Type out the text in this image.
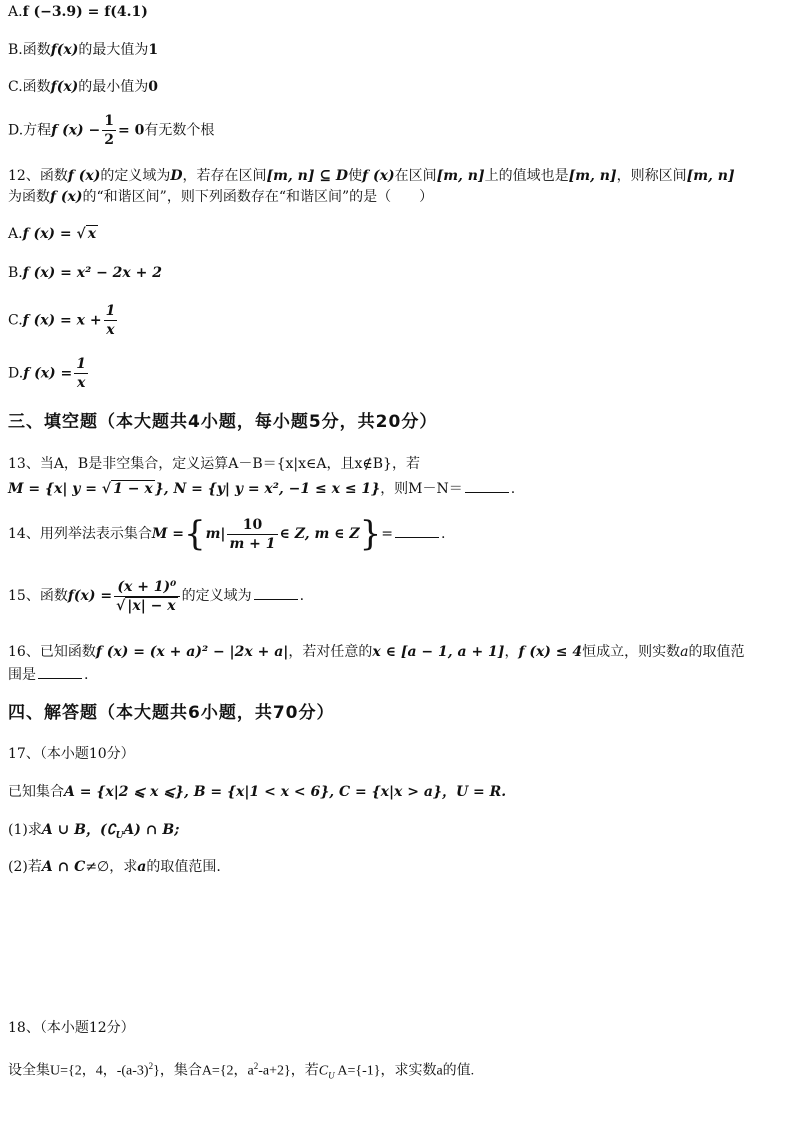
A.f (−3.9) = f(4.1)
B.函数f(x)的最大值为1
C.函数f(x)的最小值为0
D.方程f $(x) - \frac{1}{2} = 0$有无数个根
12、函数f (x)的定义域为D，若存在区间[m, n] ⊆ D使f (x)在区间[m, n]上的值域也是[m, n]，则称区间[m, n]
为函数f (x)的“和谐区间”，则下列函数存在“和谐区间”的是（　　）
A.f (x) = √ x
B.f (x) = x² − 2x + 2
C.f $(x) = x + \frac{1}{x}$
D.f $(x) = \frac{1}{x}$
三、填空题（本大题共4小题，每小题5分，共20分）
13、当A，B是非空集合，定义运算A－B＝{x|x∈A，且x∉B}，若
M = {x| y = √ 1 − x }, N = {y| y = x², −1 ≤ x ≤ 1}，则M－N＝	.
14、用列举法表示集合$M =\{m| \frac{10}{m + 1}$ ∈ Z, m ∈ Z}=	.
15、函数$f(x) = \frac{\text{(x + 1)⁰}}{√ |x| - x}$ 的定义域为	.
16、已知函数f (x) = (x + a)² − |2x + a|，若对任意的x ∈ [a − 1, a + 1]，f (x) ≤ 4恒成立，则实数a的取值范
围是	.
四、解答题（本大题共6小题，共70分）
17、（本小题10分）
已知集合A = {x|2 ⩽ x ⩽}, B = {x|1 < x < 6}, C = {x|x > a}，U = R.
(1)求A ∪ B，$(∁_UA)$ ∩ B;
(2)若A ∩ C≠∅，求a的取值范围.
18、（本小题12分）
设全集U={2，4，$-(a-3)^2$}，集合A={2，$a^2-a+2$}，若$C_U$ A={-1}，求实数a的值.
